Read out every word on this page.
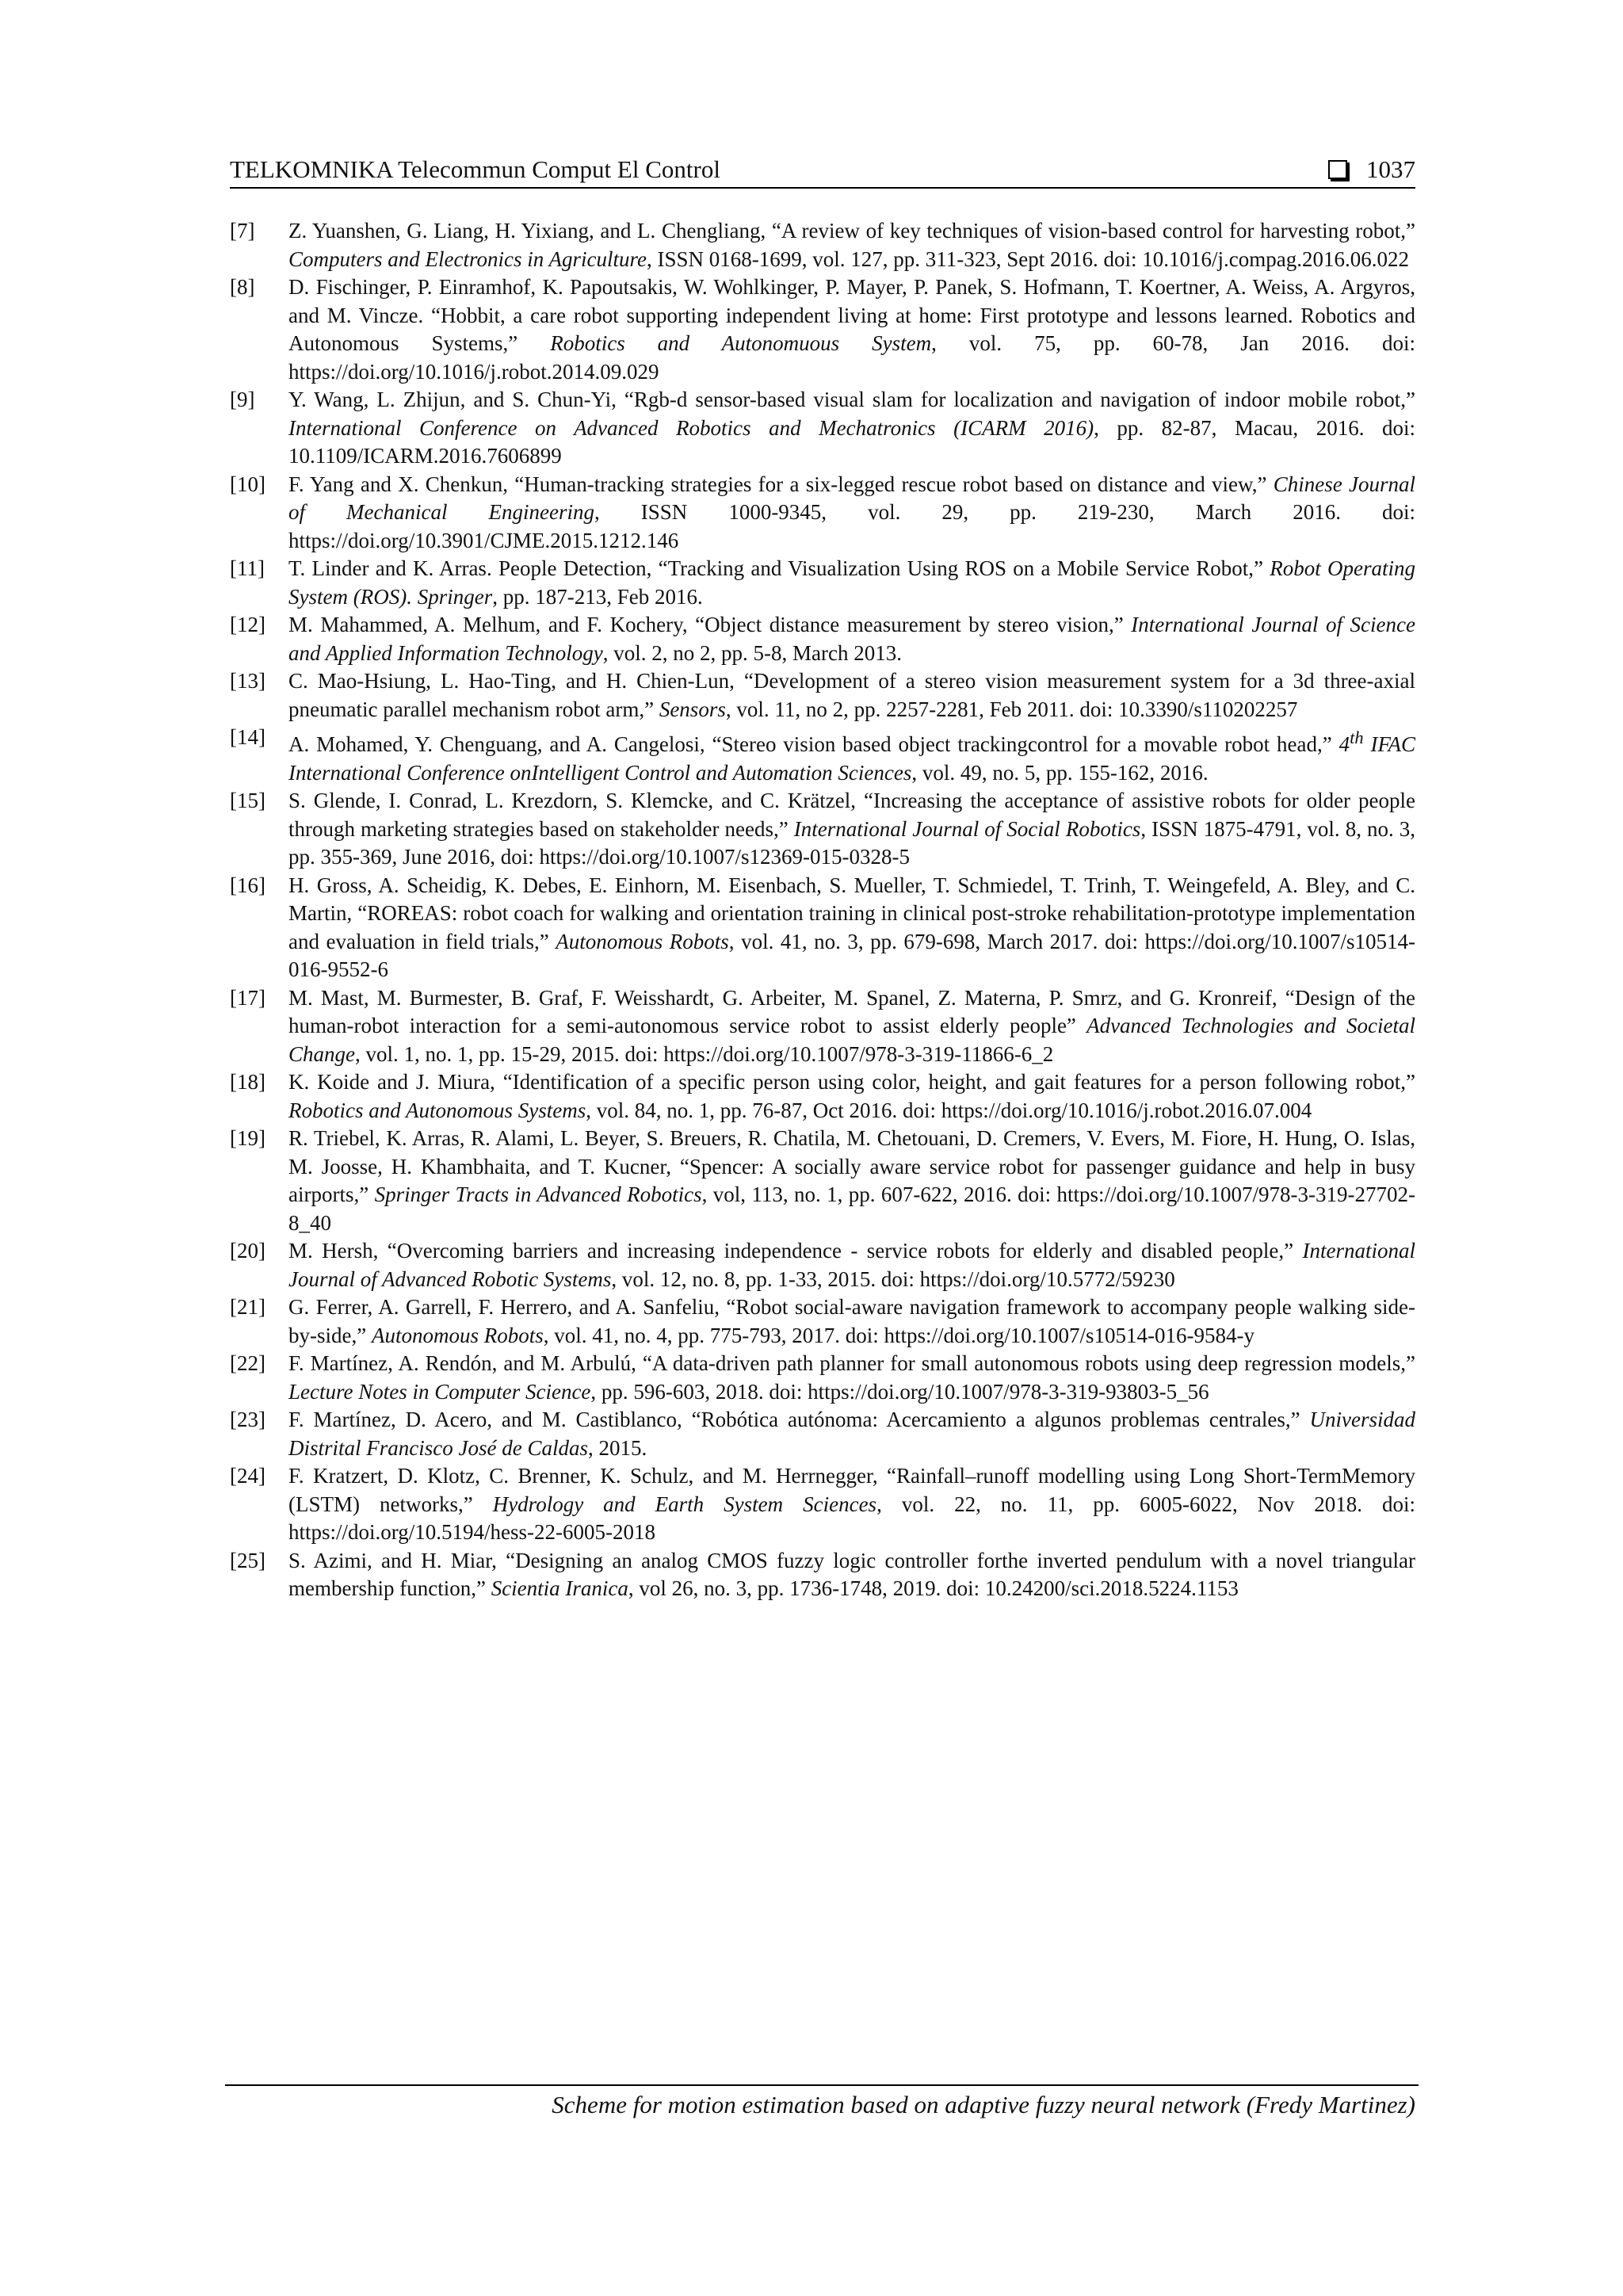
TELKOMNIKA Telecommun Comput El Control	1037
[7] Z. Yuanshen, G. Liang, H. Yixiang, and L. Chengliang, “A review of key techniques of vision-based control for harvesting robot,” Computers and Electronics in Agriculture, ISSN 0168-1699, vol. 127, pp. 311-323, Sept 2016. doi: 10.1016/j.compag.2016.06.022
[8] D. Fischinger, P. Einramhof, K. Papoutsakis, W. Wohlkinger, P. Mayer, P. Panek, S. Hofmann, T. Koertner, A. Weiss, A. Argyros, and M. Vincze. “Hobbit, a care robot supporting independent living at home: First prototype and lessons learned. Robotics and Autonomous Systems,” Robotics and Autonomuous System, vol. 75, pp. 60-78, Jan 2016. doi: https://doi.org/10.1016/j.robot.2014.09.029
[9] Y. Wang, L. Zhijun, and S. Chun-Yi, “Rgb-d sensor-based visual slam for localization and navigation of indoor mobile robot,” International Conference on Advanced Robotics and Mechatronics (ICARM 2016), pp. 82-87, Macau, 2016. doi: 10.1109/ICARM.2016.7606899
[10] F. Yang and X. Chenkun, “Human-tracking strategies for a six-legged rescue robot based on distance and view,” Chinese Journal of Mechanical Engineering, ISSN 1000-9345, vol. 29, pp. 219-230, March 2016. doi: https://doi.org/10.3901/CJME.2015.1212.146
[11] T. Linder and K. Arras. People Detection, “Tracking and Visualization Using ROS on a Mobile Service Robot,” Robot Operating System (ROS). Springer, pp. 187-213, Feb 2016.
[12] M. Mahammed, A. Melhum, and F. Kochery, “Object distance measurement by stereo vision,” International Journal of Science and Applied Information Technology, vol. 2, no 2, pp. 5-8, March 2013.
[13] C. Mao-Hsiung, L. Hao-Ting, and H. Chien-Lun, “Development of a stereo vision measurement system for a 3d three-axial pneumatic parallel mechanism robot arm,” Sensors, vol. 11, no 2, pp. 2257-2281, Feb 2011. doi: 10.3390/s110202257
[14] A. Mohamed, Y. Chenguang, and A. Cangelosi, “Stereo vision based object trackingcontrol for a movable robot head,” 4th IFAC International Conference onIntelligent Control and Automation Sciences, vol. 49, no. 5, pp. 155-162, 2016.
[15] S. Glende, I. Conrad, L. Krezdorn, S. Klemcke, and C. Krätzel, “Increasing the acceptance of assistive robots for older people through marketing strategies based on stakeholder needs,” International Journal of Social Robotics, ISSN 1875-4791, vol. 8, no. 3, pp. 355-369, June 2016, doi: https://doi.org/10.1007/s12369-015-0328-5
[16] H. Gross, A. Scheidig, K. Debes, E. Einhorn, M. Eisenbach, S. Mueller, T. Schmiedel, T. Trinh, T. Weingefeld, A. Bley, and C. Martin, “ROREAS: robot coach for walking and orientation training in clinical post-stroke rehabilitation-prototype implementation and evaluation in field trials,” Autonomous Robots, vol. 41, no. 3, pp. 679-698, March 2017. doi: https://doi.org/10.1007/s10514-016-9552-6
[17] M. Mast, M. Burmester, B. Graf, F. Weisshardt, G. Arbeiter, M. Spanel, Z. Materna, P. Smrz, and G. Kronreif, “Design of the human-robot interaction for a semi-autonomous service robot to assist elderly people” Advanced Technologies and Societal Change, vol. 1, no. 1, pp. 15-29, 2015. doi: https://doi.org/10.1007/978-3-319-11866-6_2
[18] K. Koide and J. Miura, “Identification of a specific person using color, height, and gait features for a person following robot,” Robotics and Autonomous Systems, vol. 84, no. 1, pp. 76-87, Oct 2016. doi: https://doi.org/10.1016/j.robot.2016.07.004
[19] R. Triebel, K. Arras, R. Alami, L. Beyer, S. Breuers, R. Chatila, M. Chetouani, D. Cremers, V. Evers, M. Fiore, H. Hung, O. Islas, M. Joosse, H. Khambhaita, and T. Kucner, “Spencer: A socially aware service robot for passenger guidance and help in busy airports,” Springer Tracts in Advanced Robotics, vol, 113, no. 1, pp. 607-622, 2016. doi: https://doi.org/10.1007/978-3-319-27702-8_40
[20] M. Hersh, “Overcoming barriers and increasing independence - service robots for elderly and disabled people,” International Journal of Advanced Robotic Systems, vol. 12, no. 8, pp. 1-33, 2015. doi: https://doi.org/10.5772/59230
[21] G. Ferrer, A. Garrell, F. Herrero, and A. Sanfeliu, “Robot social-aware navigation framework to accompany people walking side-by-side,” Autonomous Robots, vol. 41, no. 4, pp. 775-793, 2017. doi: https://doi.org/10.1007/s10514-016-9584-y
[22] F. Martínez, A. Rendón, and M. Arbulú, “A data-driven path planner for small autonomous robots using deep regression models,” Lecture Notes in Computer Science, pp. 596-603, 2018. doi: https://doi.org/10.1007/978-3-319-93803-5_56
[23] F. Martínez, D. Acero, and M. Castiblanco, “Robótica autónoma: Acercamiento a algunos problemas centrales,” Universidad Distrital Francisco José de Caldas, 2015.
[24] F. Kratzert, D. Klotz, C. Brenner, K. Schulz, and M. Herrnegger, “Rainfall–runoff modelling using Long Short-TermMemory (LSTM) networks,” Hydrology and Earth System Sciences, vol. 22, no. 11, pp. 6005-6022, Nov 2018. doi: https://doi.org/10.5194/hess-22-6005-2018
[25] S. Azimi, and H. Miar, “Designing an analog CMOS fuzzy logic controller forthe inverted pendulum with a novel triangular membership function,” Scientia Iranica, vol 26, no. 3, pp. 1736-1748, 2019. doi: 10.24200/sci.2018.5224.1153
Scheme for motion estimation based on adaptive fuzzy neural network (Fredy Martinez)
